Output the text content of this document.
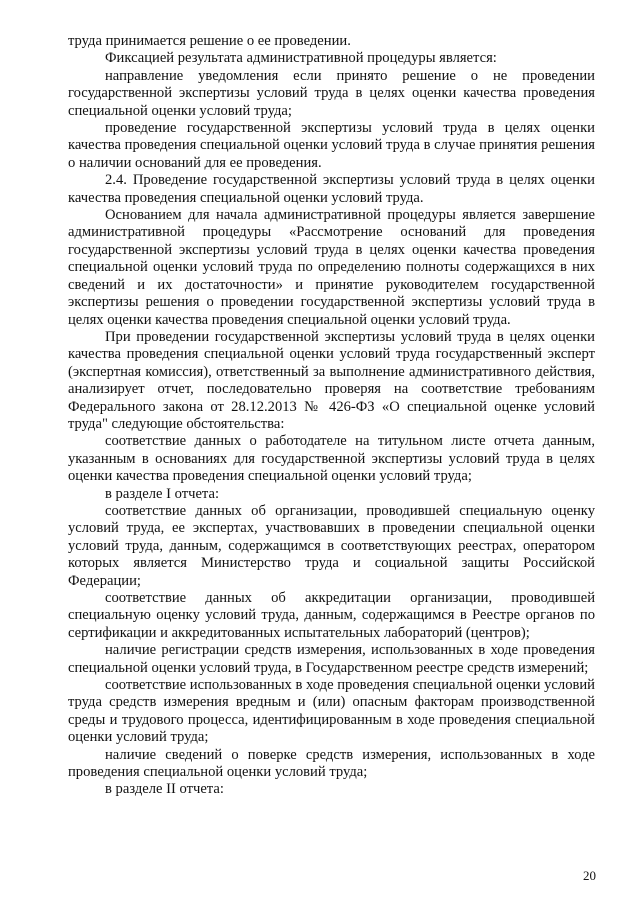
труда принимается решение о ее проведении.

Фиксацией результата административной процедуры является:

направление уведомления если принято решение о не проведении государственной экспертизы условий труда в целях оценки качества проведения специальной оценки условий труда;

проведение государственной экспертизы условий труда в целях оценки качества проведения специальной оценки условий труда в случае принятия решения о наличии оснований для ее проведения.

2.4. Проведение государственной экспертизы условий труда в целях оценки качества проведения специальной оценки условий труда.

Основанием для начала административной процедуры является завершение административной процедуры «Рассмотрение оснований для проведения государственной экспертизы условий труда в целях оценки качества проведения специальной оценки условий труда по определению полноты содержащихся в них сведений и их достаточности» и принятие руководителем государственной экспертизы решения о проведении государственной экспертизы условий труда в целях оценки качества проведения специальной оценки условий труда.

При проведении государственной экспертизы условий труда в целях оценки качества проведения специальной оценки условий труда государственный эксперт (экспертная комиссия), ответственный за выполнение административного действия, анализирует отчет, последовательно проверяя на соответствие требованиям Федерального закона от 28.12.2013 № 426-ФЗ «О специальной оценке условий труда" следующие обстоятельства:

соответствие данных о работодателе на титульном листе отчета данным, указанным в основаниях для государственной экспертизы условий труда в целях оценки качества проведения специальной оценки условий труда;

в разделе I отчета:

соответствие данных об организации, проводившей специальную оценку условий труда, ее экспертах, участвовавших в проведении специальной оценки условий труда, данным, содержащимся в соответствующих реестрах, оператором которых является Министерство труда и социальной защиты Российской Федерации;

соответствие данных об аккредитации организации, проводившей специальную оценку условий труда, данным, содержащимся в Реестре органов по сертификации и аккредитованных испытательных лабораторий (центров);

наличие регистрации средств измерения, использованных в ходе проведения специальной оценки условий труда, в Государственном реестре средств измерений;

соответствие использованных в ходе проведения специальной оценки условий труда средств измерения вредным и (или) опасным факторам производственной среды и трудового процесса, идентифицированным в ходе проведения специальной оценки условий труда;

наличие сведений о поверке средств измерения, использованных в ходе проведения специальной оценки условий труда;

в разделе II отчета:

20
